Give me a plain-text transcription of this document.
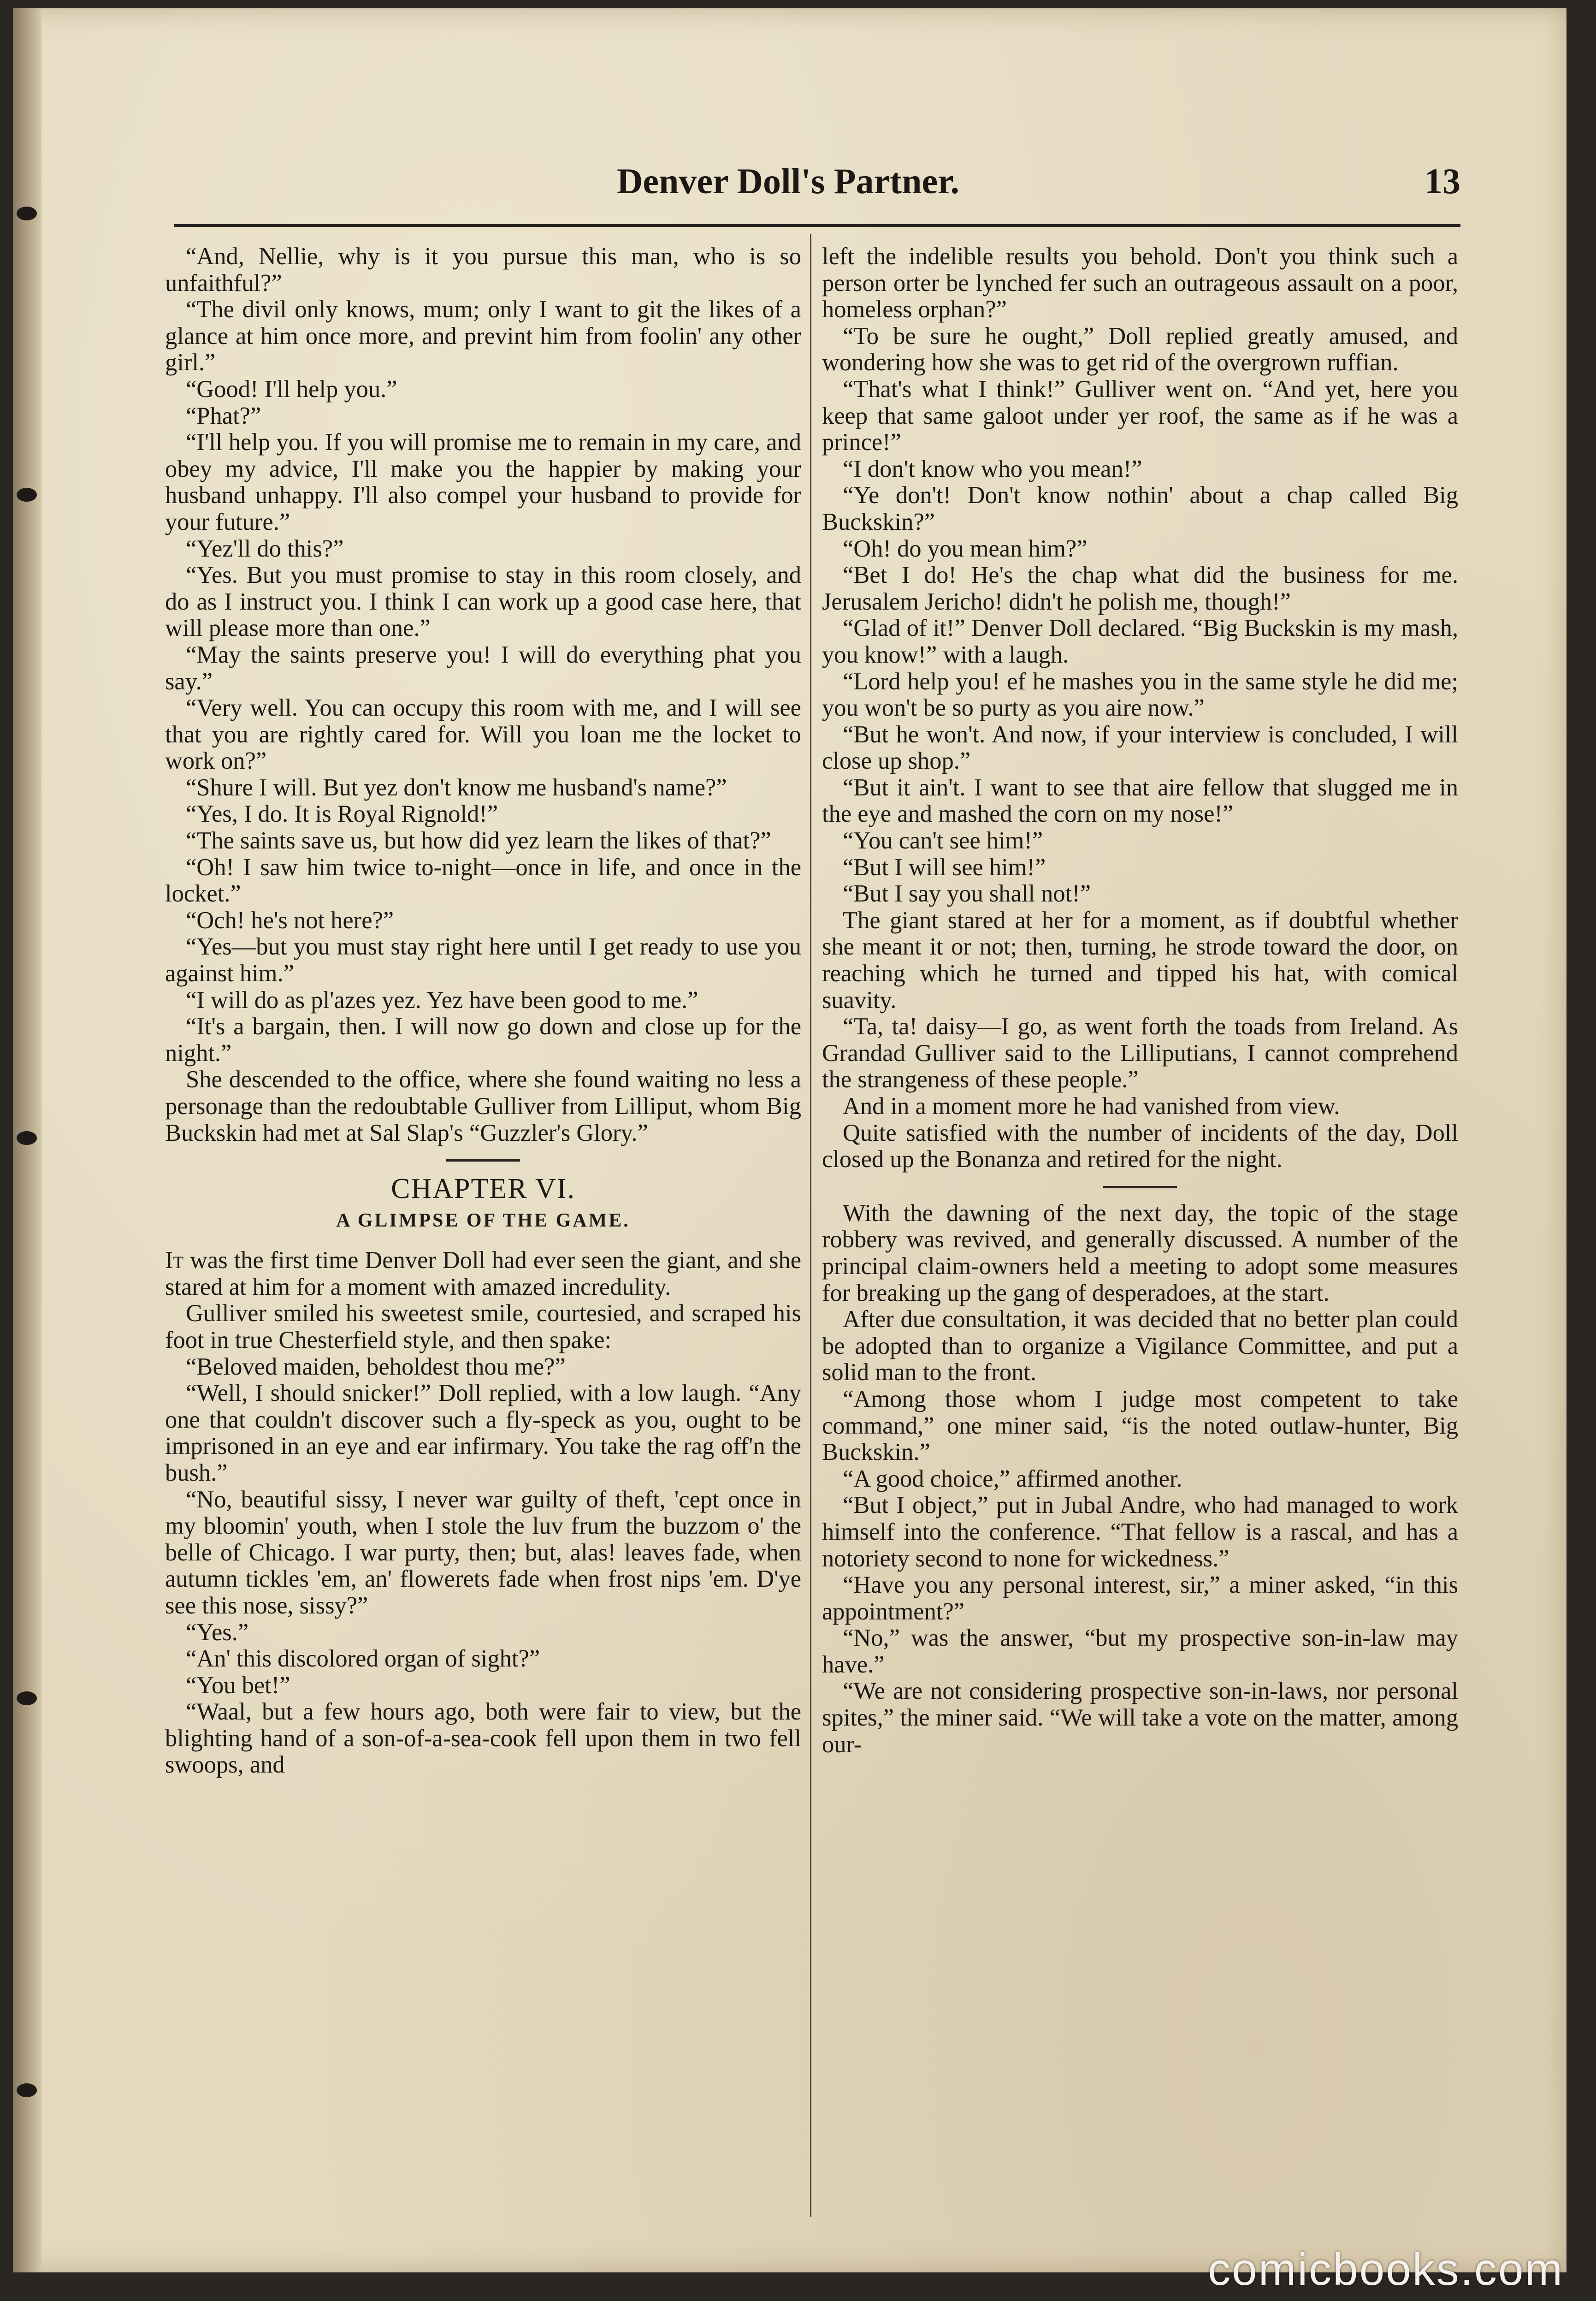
Denver Doll's Partner.	13

“And, Nellie, why is it you pursue this man, who is so unfaithful?”

“The divil only knows, mum; only I want to git the likes of a glance at him once more, and prevint him from foolin' any other girl.”

“Good! I'll help you.”

“Phat?”

“I'll help you. If you will promise me to remain in my care, and obey my advice, I'll make you the happier by making your husband unhappy. I'll also compel your husband to provide for your future.”

“Yez'll do this?”

“Yes. But you must promise to stay in this room closely, and do as I instruct you. I think I can work up a good case here, that will please more than one.”

“May the saints preserve you! I will do everything phat you say.”

“Very well. You can occupy this room with me, and I will see that you are rightly cared for. Will you loan me the locket to work on?”

“Shure I will. But yez don't know me husband's name?”

“Yes, I do. It is Royal Rignold!”

“The saints save us, but how did yez learn the likes of that?”

“Oh! I saw him twice to-night—once in life, and once in the locket.”

“Och! he's not here?”

“Yes—but you must stay right here until I get ready to use you against him.”

“I will do as pl'azes yez. Yez have been good to me.”

“It's a bargain, then. I will now go down and close up for the night.”

She descended to the office, where she found waiting no less a personage than the redoubtable Gulliver from Lilliput, whom Big Buckskin had met at Sal Slap's “Guzzler's Glory.”

CHAPTER VI.
A GLIMPSE OF THE GAME.

It was the first time Denver Doll had ever seen the giant, and she stared at him for a moment with amazed incredulity.

Gulliver smiled his sweetest smile, courtesied, and scraped his foot in true Chesterfield style, and then spake:

“Beloved maiden, beholdest thou me?”

“Well, I should snicker!” Doll replied, with a low laugh. “Any one that couldn't discover such a fly-speck as you, ought to be imprisoned in an eye and ear infirmary. You take the rag off'n the bush.”

“No, beautiful sissy, I never war guilty of theft, 'cept once in my bloomin' youth, when I stole the luv frum the buzzom o' the belle of Chicago. I war purty, then; but, alas! leaves fade, when autumn tickles 'em, an' flowerets fade when frost nips 'em. D'ye see this nose, sissy?”

“Yes.”

“An' this discolored organ of sight?”

“You bet!”

“Waal, but a few hours ago, both were fair to view, but the blighting hand of a son-of-a-sea-cook fell upon them in two fell swoops, and

left the indelible results you behold. Don't you think such a person orter be lynched fer such an outrageous assault on a poor, homeless orphan?”

“To be sure he ought,” Doll replied greatly amused, and wondering how she was to get rid of the overgrown ruffian.

“That's what I think!” Gulliver went on. “And yet, here you keep that same galoot under yer roof, the same as if he was a prince!”

“I don't know who you mean!”

“Ye don't! Don't know nothin' about a chap called Big Buckskin?”

“Oh! do you mean him?”

“Bet I do! He's the chap what did the business for me. Jerusalem Jericho! didn't he polish me, though!”

“Glad of it!” Denver Doll declared. “Big Buckskin is my mash, you know!” with a laugh.

“Lord help you! ef he mashes you in the same style he did me; you won't be so purty as you aire now.”

“But he won't. And now, if your interview is concluded, I will close up shop.”

“But it ain't. I want to see that aire fellow that slugged me in the eye and mashed the corn on my nose!”

“You can't see him!”

“But I will see him!”

“But I say you shall not!”

The giant stared at her for a moment, as if doubtful whether she meant it or not; then, turning, he strode toward the door, on reaching which he turned and tipped his hat, with comical suavity.

“Ta, ta! daisy—I go, as went forth the toads from Ireland. As Grandad Gulliver said to the Lilliputians, I cannot comprehend the strangeness of these people.”

And in a moment more he had vanished from view.

Quite satisfied with the number of incidents of the day, Doll closed up the Bonanza and retired for the night.

With the dawning of the next day, the topic of the stage robbery was revived, and generally discussed. A number of the principal claim-owners held a meeting to adopt some measures for breaking up the gang of desperadoes, at the start.

After due consultation, it was decided that no better plan could be adopted than to organize a Vigilance Committee, and put a solid man to the front.

“Among those whom I judge most competent to take command,” one miner said, “is the noted outlaw-hunter, Big Buckskin.”

“A good choice,” affirmed another.

“But I object,” put in Jubal Andre, who had managed to work himself into the conference. “That fellow is a rascal, and has a notoriety second to none for wickedness.”

“Have you any personal interest, sir,” a miner asked, “in this appointment?”

“No,” was the answer, “but my prospective son-in-law may have.”

“We are not considering prospective son-in-laws, nor personal spites,” the miner said. “We will take a vote on the matter, among our-

comicbooks.com
